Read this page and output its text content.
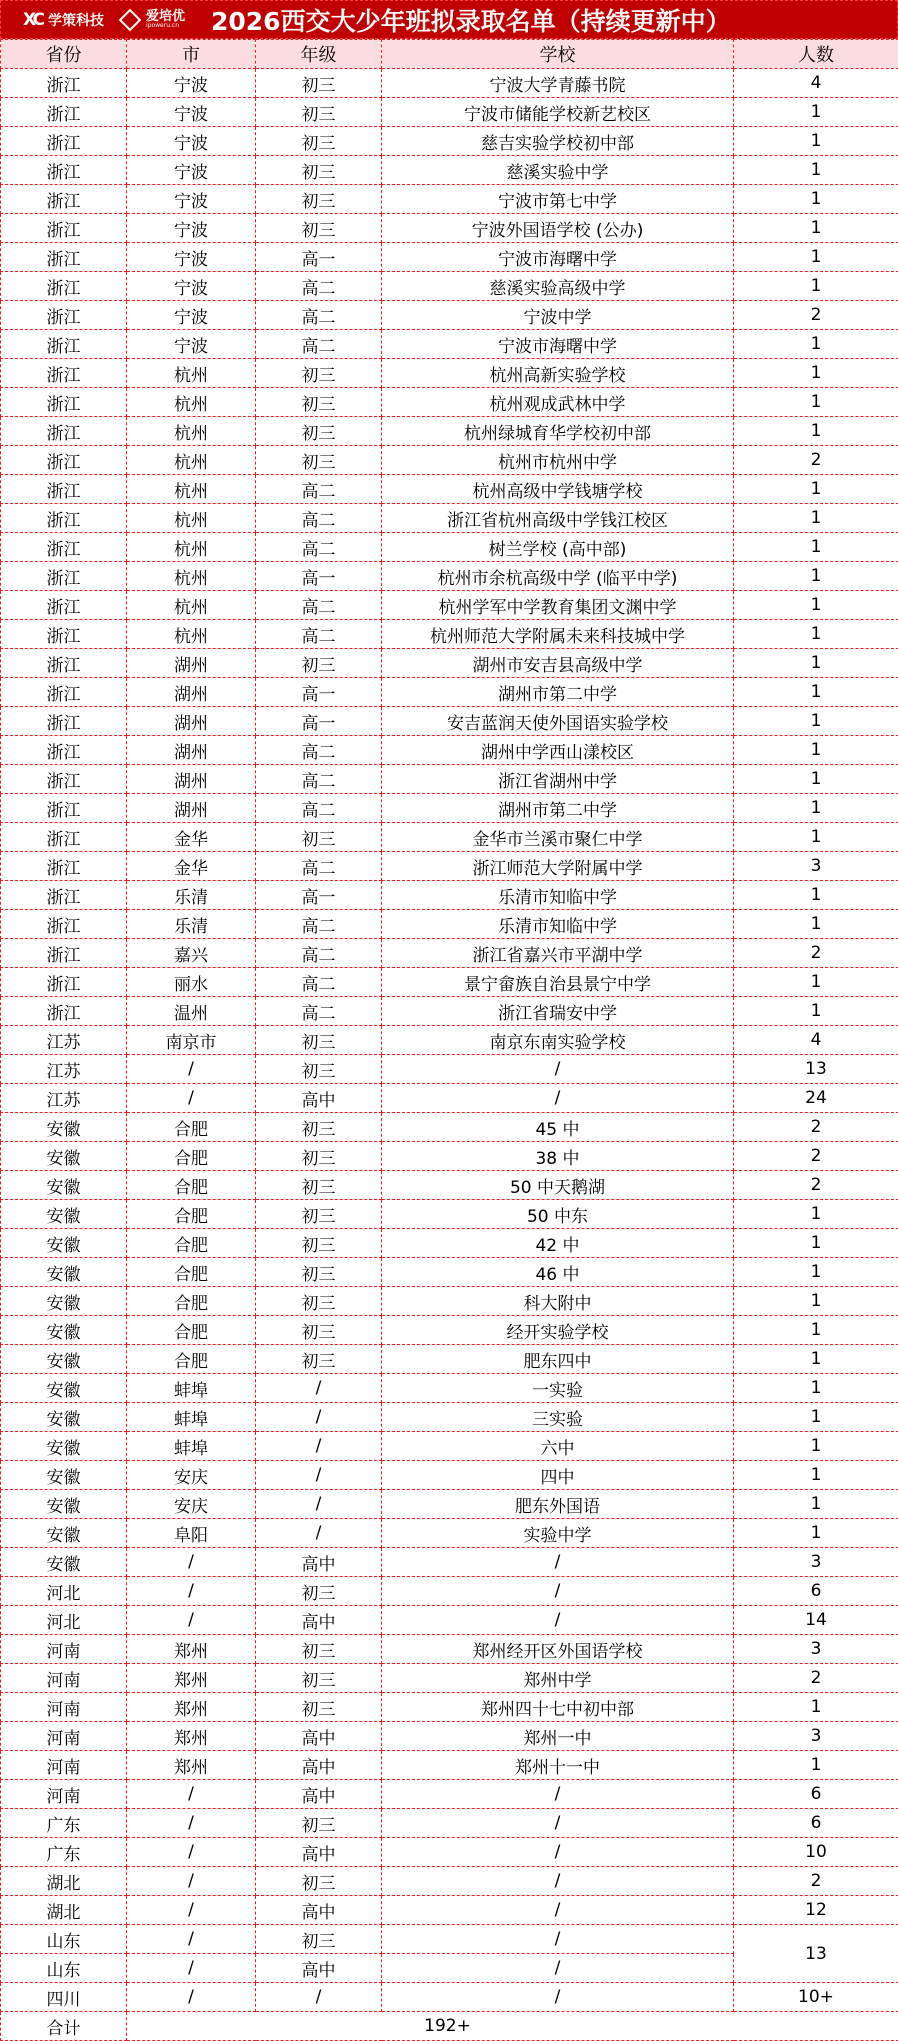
XC 学策科技	爱培优
ipoweru.cn 2026西交大少年班拟录取名单（持续更新中）
省份	市	年级	学校	人数
浙江	宁波	初三	宁波大学青藤书院	4
浙江	宁波	初三	宁波市储能学校新艺校区	1
浙江	宁波	初三	慈吉实验学校初中部	1
浙江	宁波	初三	慈溪实验中学	1
浙江	宁波	初三	宁波市第七中学	1
浙江	宁波	初三	宁波外国语学校 (公办)	1
浙江	宁波	高一	宁波市海曙中学	1
浙江	宁波	高二	慈溪实验高级中学	1
浙江	宁波	高二	宁波中学	2
浙江	宁波	高二	宁波市海曙中学	1
浙江	杭州	初三	杭州高新实验学校	1
浙江	杭州	初三	杭州观成武林中学	1
浙江	杭州	初三	杭州绿城育华学校初中部	1
浙江	杭州	初三	杭州市杭州中学	2
浙江	杭州	高二	杭州高级中学钱塘学校	1
浙江	杭州	高二	浙江省杭州高级中学钱江校区	1
浙江	杭州	高二	树兰学校 (高中部)	1
浙江	杭州	高一	杭州市余杭高级中学 (临平中学)	1
浙江	杭州	高二	杭州学军中学教育集团文渊中学	1
浙江	杭州	高二	杭州师范大学附属未来科技城中学	1
浙江	湖州	初三	湖州市安吉县高级中学	1
浙江	湖州	高一	湖州市第二中学	1
浙江	湖州	高一	安吉蓝润天使外国语实验学校	1
浙江	湖州	高二	湖州中学西山漾校区	1
浙江	湖州	高二	浙江省湖州中学	1
浙江	湖州	高二	湖州市第二中学	1
浙江	金华	初三	金华市兰溪市聚仁中学	1
浙江	金华	高二	浙江师范大学附属中学	3
浙江	乐清	高一	乐清市知临中学	1
浙江	乐清	高二	乐清市知临中学	1
浙江	嘉兴	高二	浙江省嘉兴市平湖中学	2
浙江	丽水	高二	景宁畲族自治县景宁中学	1
浙江	温州	高二	浙江省瑞安中学	1
江苏	南京市	初三	南京东南实验学校	4
江苏	/	初三	/	13
江苏	/	高中	/	24
安徽	合肥	初三	45 中	2
安徽	合肥	初三	38 中	2
安徽	合肥	初三	50 中天鹅湖	2
安徽	合肥	初三	50 中东	1
安徽	合肥	初三	42 中	1
安徽	合肥	初三	46 中	1
安徽	合肥	初三	科大附中	1
安徽	合肥	初三	经开实验学校	1
安徽	合肥	初三	肥东四中	1
安徽	蚌埠	/	一实验	1
安徽	蚌埠	/	三实验	1
安徽	蚌埠	/	六中	1
安徽	安庆	/	四中	1
安徽	安庆	/	肥东外国语	1
安徽	阜阳	/	实验中学	1
安徽	/	高中	/	3
河北	/	初三	/	6
河北	/	高中	/	14
河南	郑州	初三	郑州经开区外国语学校	3
河南	郑州	初三	郑州中学	2
河南	郑州	初三	郑州四十七中初中部	1
河南	郑州	高中	郑州一中	3
河南	郑州	高中	郑州十一中	1
河南	/	高中	/	6
广东	/	初三	/	6
广东	/	高中	/	10
湖北	/	初三	/	2
湖北	/	高中	/	12
山东	/	初三	/	13
山东	/	高中	/	
四川	/	/	/	10+
合计	192+			
